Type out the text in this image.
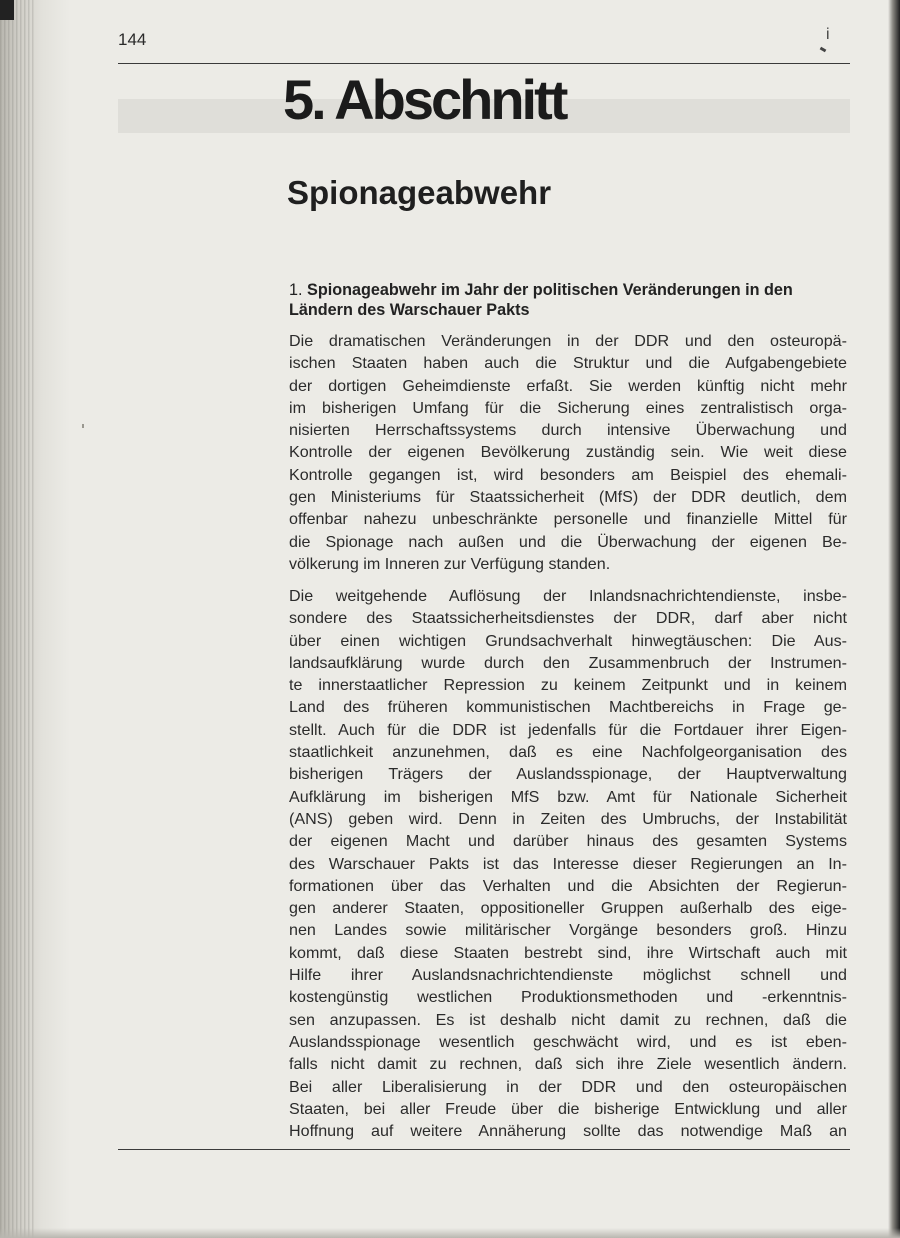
144	i
5. Abschnitt
Spionageabwehr
1. Spionageabwehr im Jahr der politischen Veränderungen in den Ländern des Warschauer Pakts
Die dramatischen Veränderungen in der DDR und den osteuropä-
ischen Staaten haben auch die Struktur und die Aufgabengebiete
der dortigen Geheimdienste erfaßt. Sie werden künftig nicht mehr
im bisherigen Umfang für die Sicherung eines zentralistisch orga-
nisierten Herrschaftssystems durch intensive Überwachung und
Kontrolle der eigenen Bevölkerung zuständig sein. Wie weit diese
Kontrolle gegangen ist, wird besonders am Beispiel des ehemali-
gen Ministeriums für Staatssicherheit (MfS) der DDR deutlich, dem
offenbar nahezu unbeschränkte personelle und finanzielle Mittel für
die Spionage nach außen und die Überwachung der eigenen Be-
völkerung im Inneren zur Verfügung standen.
Die weitgehende Auflösung der Inlandsnachrichtendienste, insbe-
sondere des Staatssicherheitsdienstes der DDR, darf aber nicht
über einen wichtigen Grundsachverhalt hinwegtäuschen: Die Aus-
landsaufklärung wurde durch den Zusammenbruch der Instrumen-
te innerstaatlicher Repression zu keinem Zeitpunkt und in keinem
Land des früheren kommunistischen Machtbereichs in Frage ge-
stellt. Auch für die DDR ist jedenfalls für die Fortdauer ihrer Eigen-
staatlichkeit anzunehmen, daß es eine Nachfolgeorganisation des
bisherigen Trägers der Auslandsspionage, der Hauptverwaltung
Aufklärung im bisherigen MfS bzw. Amt für Nationale Sicherheit
(ANS) geben wird. Denn in Zeiten des Umbruchs, der Instabilität
der eigenen Macht und darüber hinaus des gesamten Systems
des Warschauer Pakts ist das Interesse dieser Regierungen an In-
formationen über das Verhalten und die Absichten der Regierun-
gen anderer Staaten, oppositioneller Gruppen außerhalb des eige-
nen Landes sowie militärischer Vorgänge besonders groß. Hinzu
kommt, daß diese Staaten bestrebt sind, ihre Wirtschaft auch mit
Hilfe ihrer Auslandsnachrichtendienste möglichst schnell und
kostengünstig westlichen Produktionsmethoden und -erkenntnis-
sen anzupassen. Es ist deshalb nicht damit zu rechnen, daß die
Auslandsspionage wesentlich geschwächt wird, und es ist eben-
falls nicht damit zu rechnen, daß sich ihre Ziele wesentlich ändern.
Bei aller Liberalisierung in der DDR und den osteuropäischen
Staaten, bei aller Freude über die bisherige Entwicklung und aller
Hoffnung auf weitere Annäherung sollte das notwendige Maß an
